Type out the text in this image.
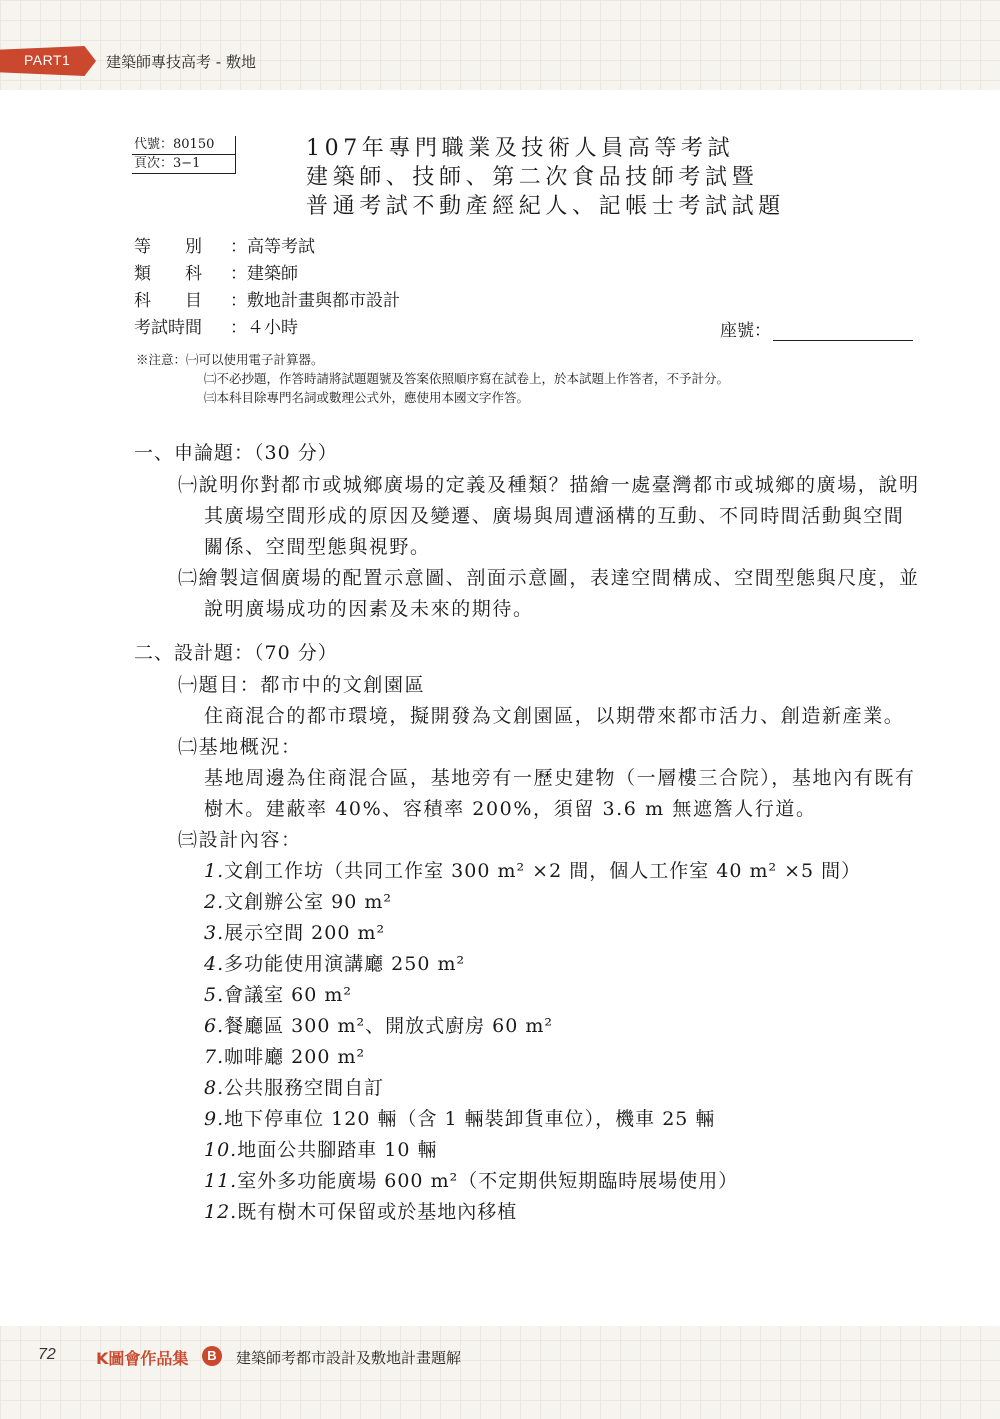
PART1 建築師專技高考 - 敷地
代號：80150
頁次：3−1
107年專門職業及技術人員高等考試
建築師、技師、第二次食品技師考試暨
普通考試不動產經紀人、記帳士考試試題
等　　別 ：高等考試
類　　科 ：建築師
科　　目 ：敷地計畫與都市設計
考試時間 ：４小時	座號：
※注意：㈠可以使用電子計算器。
㈡不必抄題，作答時請將試題題號及答案依照順序寫在試卷上，於本試題上作答者，不予計分。
㈢本科目除專門名詞或數理公式外，應使用本國文字作答。
一、申論題：（30 分）
㈠說明你對都市或城鄉廣場的定義及種類？描繪一處臺灣都市或城鄉的廣場，說明其廣場空間形成的原因及變遷、廣場與周遭涵構的互動、不同時間活動與空間關係、空間型態與視野。
㈡繪製這個廣場的配置示意圖、剖面示意圖，表達空間構成、空間型態與尺度，並說明廣場成功的因素及未來的期待。
二、設計題：（70 分）
㈠題目：都市中的文創園區
住商混合的都市環境，擬開發為文創園區，以期帶來都市活力、創造新產業。
㈡基地概況：
基地周邊為住商混合區，基地旁有一歷史建物（一層樓三合院），基地內有既有樹木。建蔽率 40%、容積率 200%，須留 3.6 m 無遮簷人行道。
㈢設計內容：
1.文創工作坊（共同工作室 300 m² ×2 間，個人工作室 40 m² ×5 間）
2.文創辦公室 90 m²
3.展示空間 200 m²
4.多功能使用演講廳 250 m²
5.會議室 60 m²
6.餐廳區 300 m²、開放式廚房 60 m²
7.咖啡廳 200 m²
8.公共服務空間自訂
9.地下停車位 120 輛（含 1 輛裝卸貨車位），機車 25 輛
10.地面公共腳踏車 10 輛
11.室外多功能廣場 600 m²（不定期供短期臨時展場使用）
12.既有樹木可保留或於基地內移植
72	K圖會作品集	B	建築師考都市設計及敷地計畫題解
